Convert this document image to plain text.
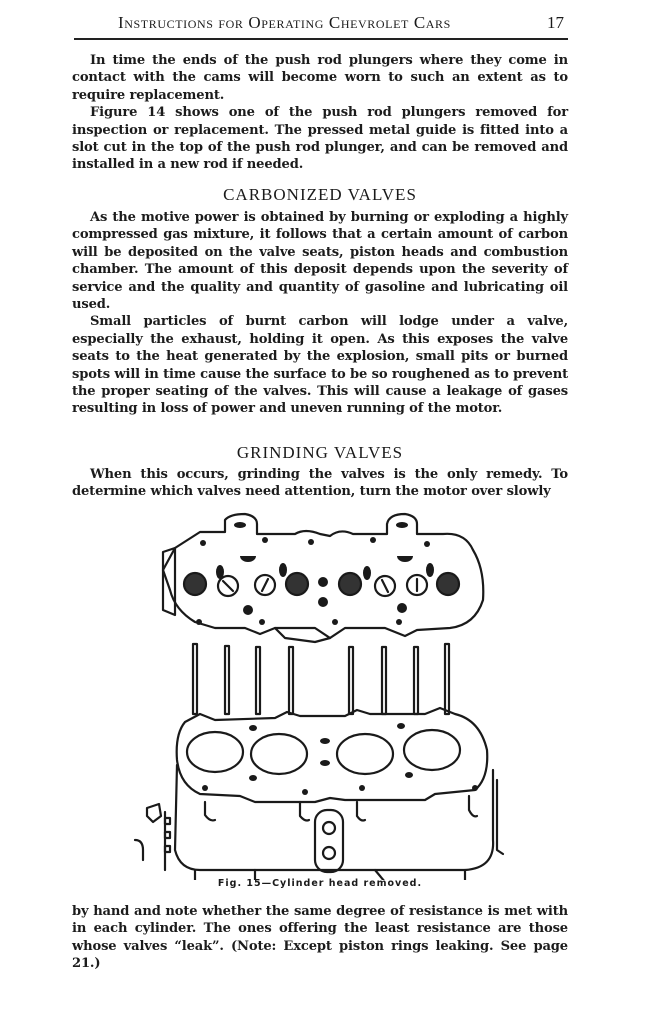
Instructions for Operating Chevrolet Cars	17

In time the ends of the push rod plungers where they come in contact with the cams will become worn to such an extent as to require replacement.

Figure 14 shows one of the push rod plungers removed for inspection or replacement. The pressed metal guide is fitted into a slot cut in the top of the push rod plunger, and can be removed and installed in a new rod if needed.

CARBONIZED VALVES

As the motive power is obtained by burning or exploding a highly compressed gas mixture, it follows that a certain amount of carbon will be deposited on the valve seats, piston heads and combustion chamber. The amount of this deposit depends upon the severity of service and the quality and quantity of gasoline and lubricating oil used.

Small particles of burnt carbon will lodge under a valve, especially the exhaust, holding it open. As this exposes the valve seats to the heat generated by the explosion, small pits or burned spots will in time cause the surface to be so roughened as to prevent the proper seating of the valves. This will cause a leakage of gases resulting in loss of power and uneven running of the motor.

GRINDING VALVES

When this occurs, grinding the valves is the only remedy. To determine which valves need attention, turn the motor over slowly

Fig. 15—Cylinder head removed.

by hand and note whether the same degree of resistance is met with in each cylinder. The ones offering the least resistance are those whose valves “leak”. (Note: Except piston rings leaking. See page 21.)
